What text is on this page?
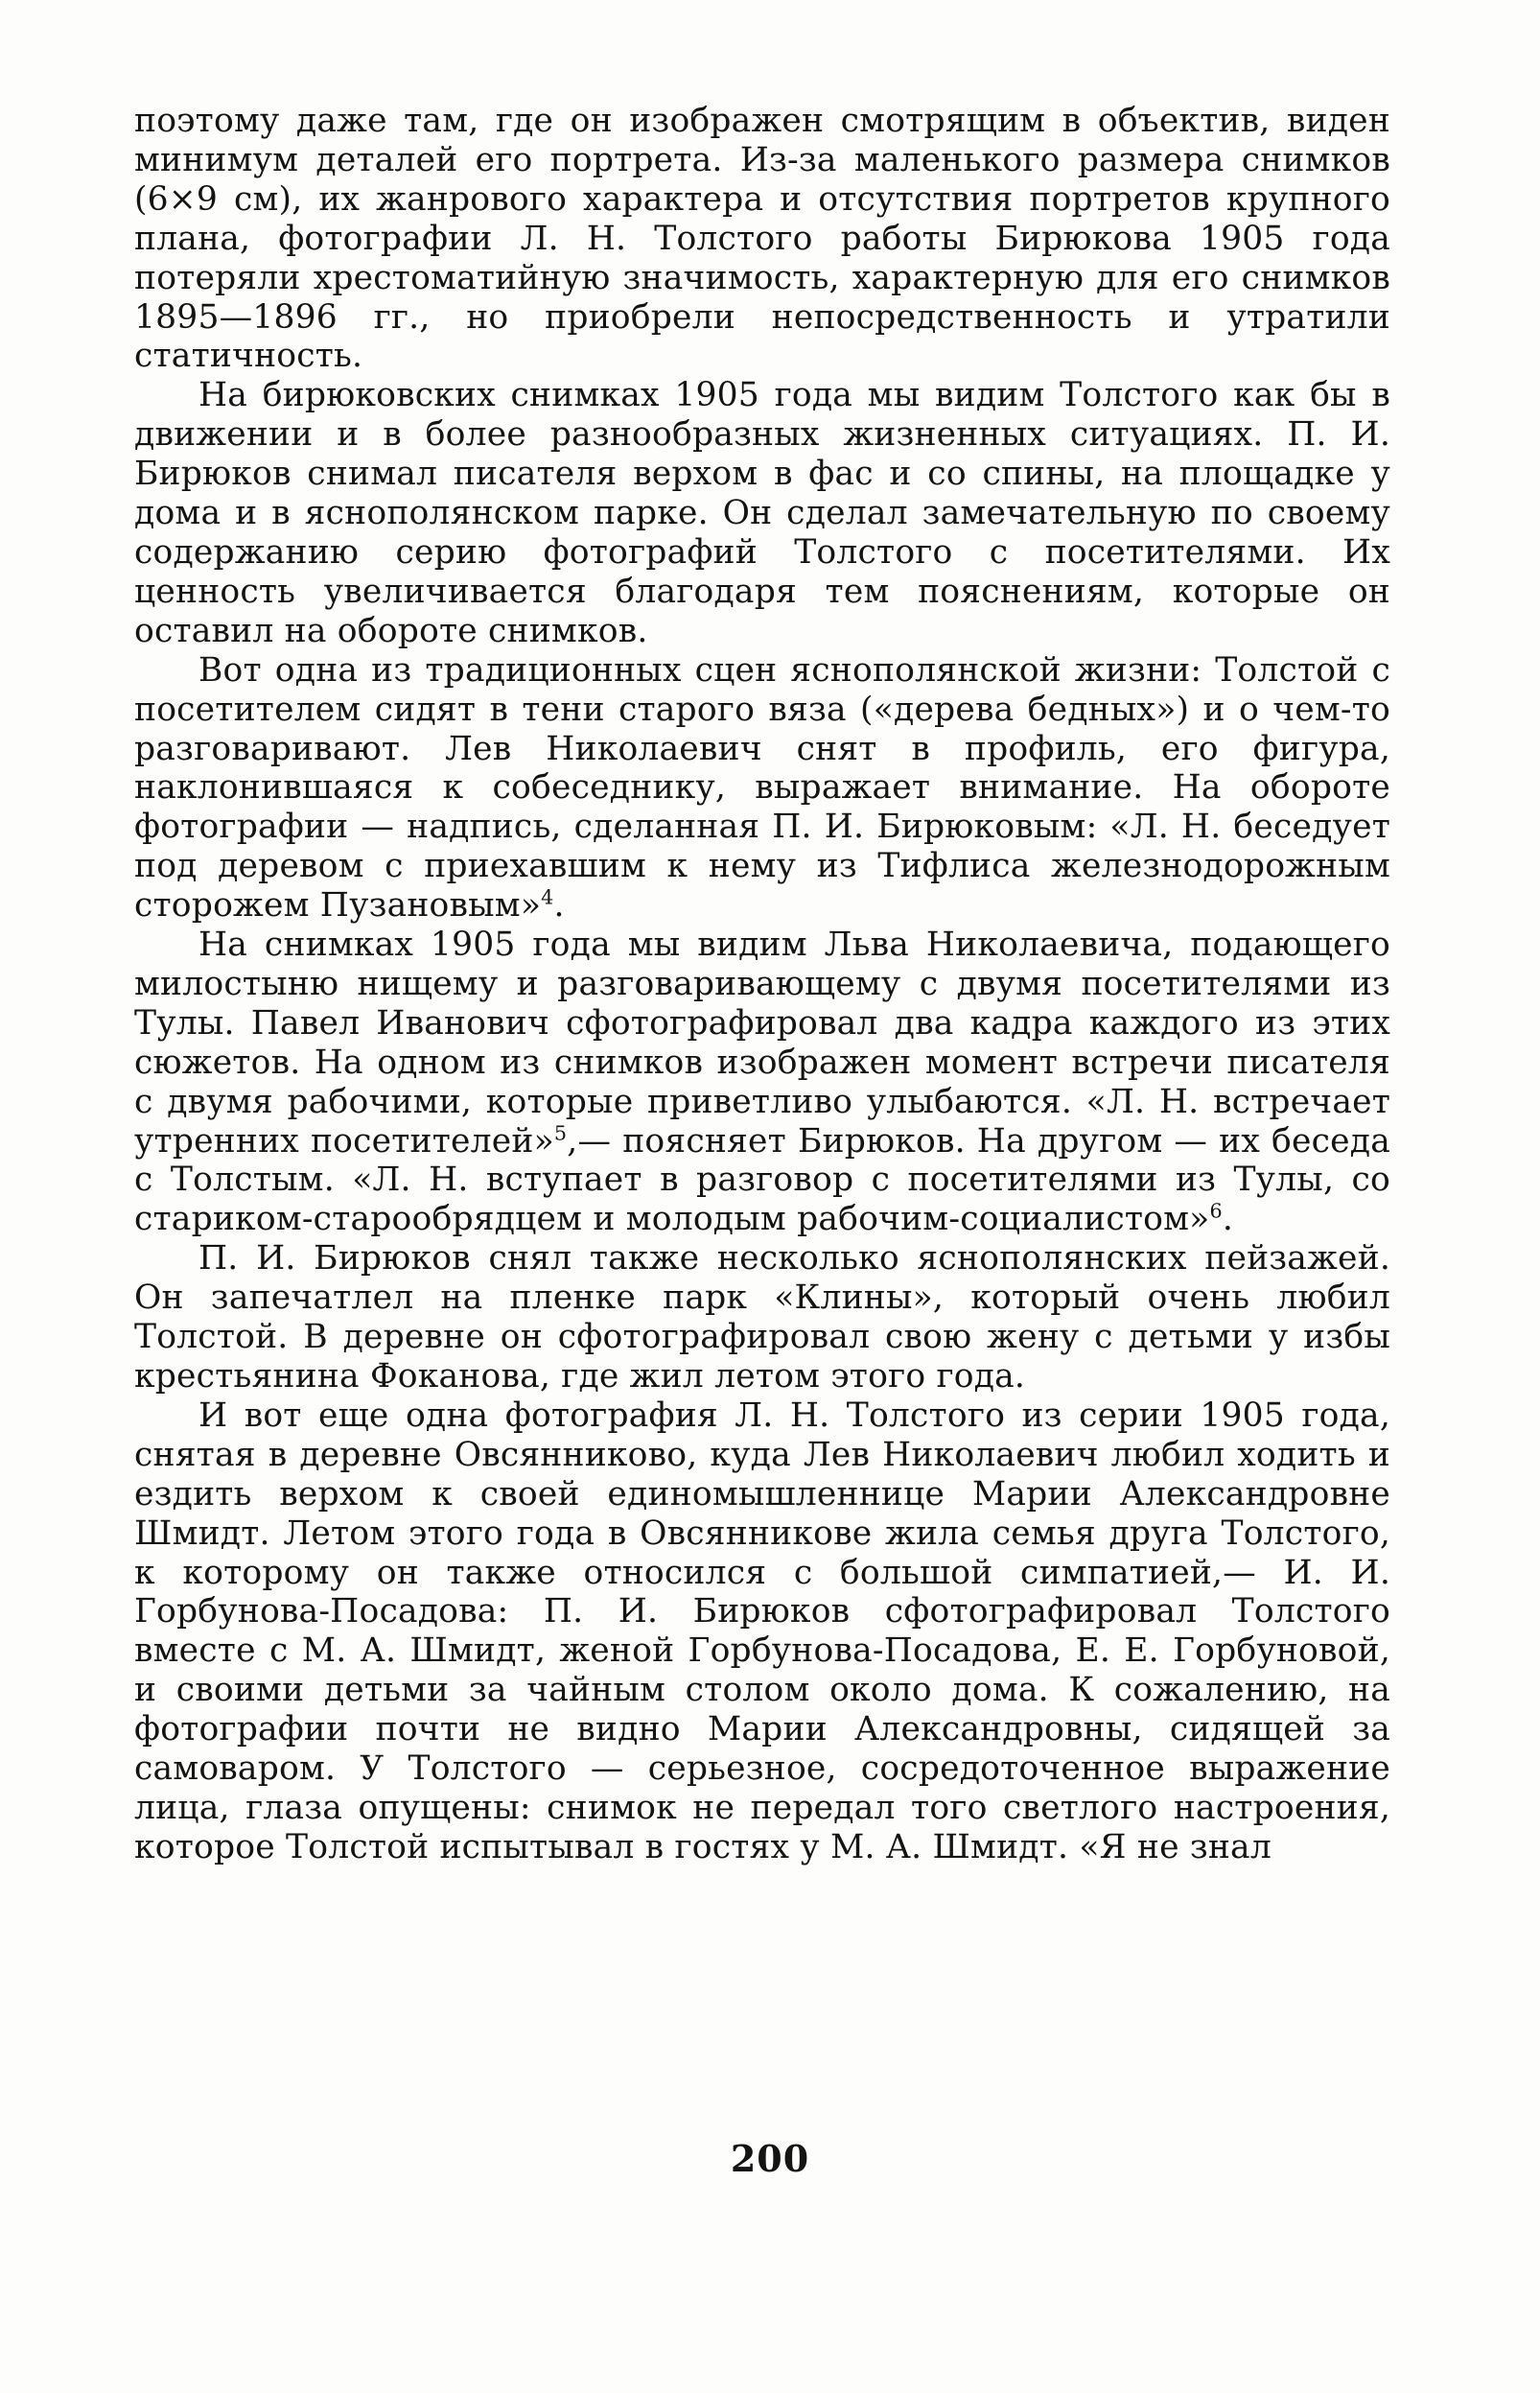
поэтому даже там, где он изображен смотрящим в объектив, виден минимум деталей его портрета. Из-за маленького размера снимков (6×9 см), их жанрового характера и отсутствия портретов крупного плана, фотографии Л. Н. Толстого работы Бирюкова 1905 года потеряли хрестоматийную значимость, характерную для его снимков 1895—1896 гг., но приобрели непосредственность и утратили статичность.

На бирюковских снимках 1905 года мы видим Толстого как бы в движении и в более разнообразных жизненных ситуациях. П. И. Бирюков снимал писателя верхом в фас и со спины, на площадке у дома и в яснополянском парке. Он сделал замечательную по своему содержанию серию фотографий Толстого с посетителями. Их ценность увеличивается благодаря тем пояснениям, которые он оставил на обороте снимков.

Вот одна из традиционных сцен яснополянской жизни: Толстой с посетителем сидят в тени старого вяза («дерева бедных») и о чем-то разговаривают. Лев Николаевич снят в профиль, его фигура, наклонившаяся к собеседнику, выражает внимание. На обороте фотографии — надпись, сделанная П. И. Бирюковым: «Л. Н. беседует под деревом с приехавшим к нему из Тифлиса железнодорожным сторожем Пузановым»$^4$.

На снимках 1905 года мы видим Льва Николаевича, подающего милостыню нищему и разговаривающему с двумя посетителями из Тулы. Павел Иванович сфотографировал два кадра каждого из этих сюжетов. На одном из снимков изображен момент встречи писателя с двумя рабочими, которые приветливо улыбаются. «Л. Н. встречает утренних посетителей»$^5$,— поясняет Бирюков. На другом — их беседа с Толстым. «Л. Н. вступает в разговор с посетителями из Тулы, со стариком-старообрядцем и молодым рабочим-социалистом»$^6$.

П. И. Бирюков снял также несколько яснополянских пейзажей. Он запечатлел на пленке парк «Клины», который очень любил Толстой. В деревне он сфотографировал свою жену с детьми у избы крестьянина Фоканова, где жил летом этого года.

И вот еще одна фотография Л. Н. Толстого из серии 1905 года, снятая в деревне Овсянниково, куда Лев Николаевич любил ходить и ездить верхом к своей единомышленнице Марии Александровне Шмидт. Летом этого года в Овсянникове жила семья друга Толстого, к которому он также относился с большой симпатией,— И. И. Горбунова-Посадова: П. И. Бирюков сфотографировал Толстого вместе с М. А. Шмидт, женой Горбунова-Посадова, Е. Е. Горбуновой, и своими детьми за чайным столом около дома. К сожалению, на фотографии почти не видно Марии Александровны, сидящей за самоваром. У Толстого — серьезное, сосредоточенное выражение лица, глаза опущены: снимок не передал того светлого настроения, которое Толстой испытывал в гостях у М. А. Шмидт. «Я не знал

200
